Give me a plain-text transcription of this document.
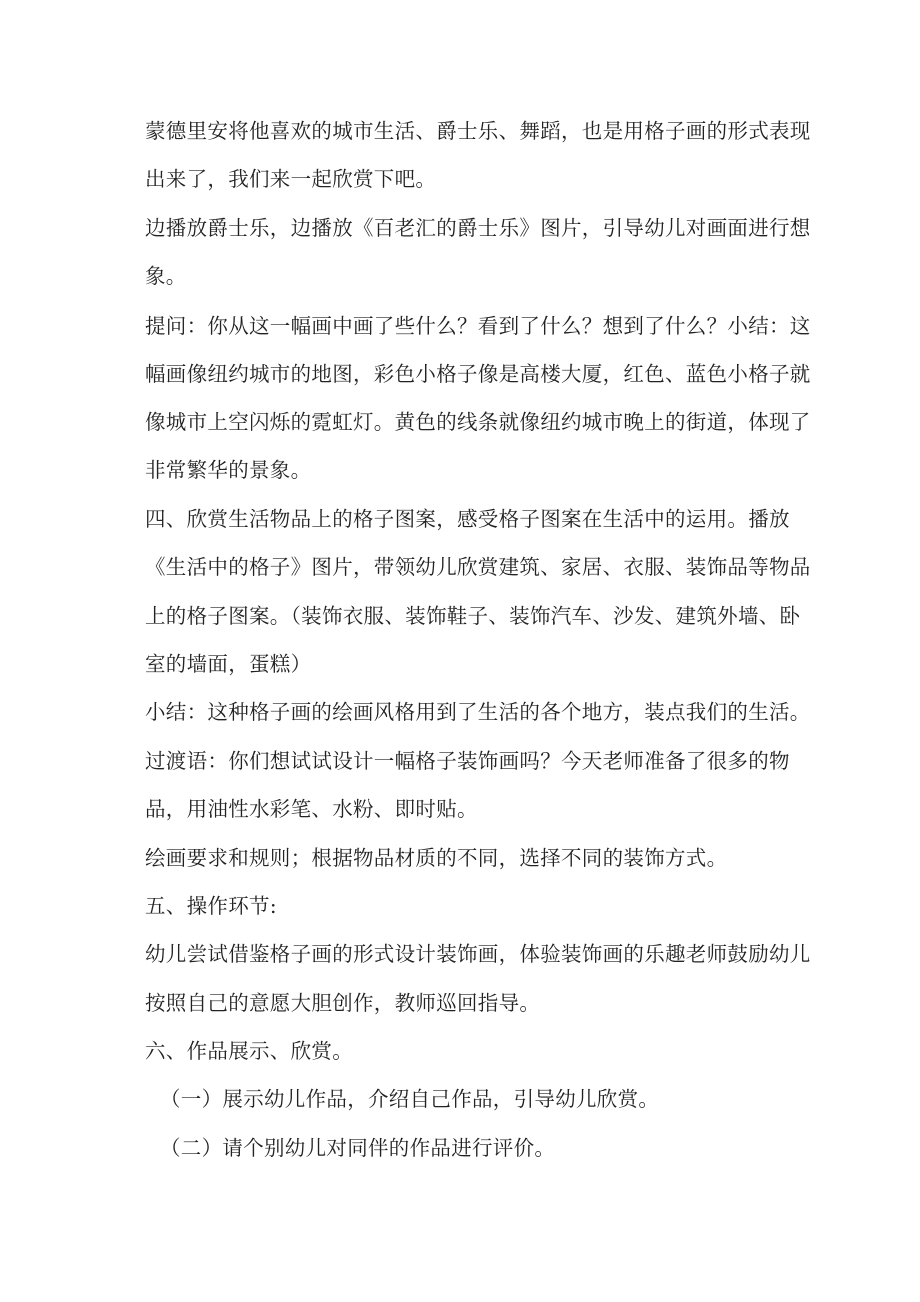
蒙德里安将他喜欢的城市生活、爵士乐、舞蹈，也是用格子画的形式表现
出来了，我们来一起欣赏下吧。
边播放爵士乐，边播放《百老汇的爵士乐》图片，引导幼儿对画面进行想
象。
提问：你从这一幅画中画了些什么？看到了什么？想到了什么？小结：这
幅画像纽约城市的地图，彩色小格子像是高楼大厦，红色、蓝色小格子就
像城市上空闪烁的霓虹灯。黄色的线条就像纽约城市晚上的街道，体现了
非常繁华的景象。
四、欣赏生活物品上的格子图案，感受格子图案在生活中的运用。播放
《生活中的格子》图片，带领幼儿欣赏建筑、家居、衣服、装饰品等物品
上的格子图案。（装饰衣服、装饰鞋子、装饰汽车、沙发、建筑外墙、卧
室的墙面，蛋糕）
小结：这种格子画的绘画风格用到了生活的各个地方，装点我们的生活。
过渡语：你们想试试设计一幅格子装饰画吗？今天老师准备了很多的物
品，用油性水彩笔、水粉、即时贴。
绘画要求和规则；根据物品材质的不同，选择不同的装饰方式。
五、操作环节:
幼儿尝试借鉴格子画的形式设计装饰画，体验装饰画的乐趣老师鼓励幼儿
按照自己的意愿大胆创作，教师巡回指导。
六、作品展示、欣赏。
（一）展示幼儿作品，介绍自己作品，引导幼儿欣赏。
（二）请个别幼儿对同伴的作品进行评价。
